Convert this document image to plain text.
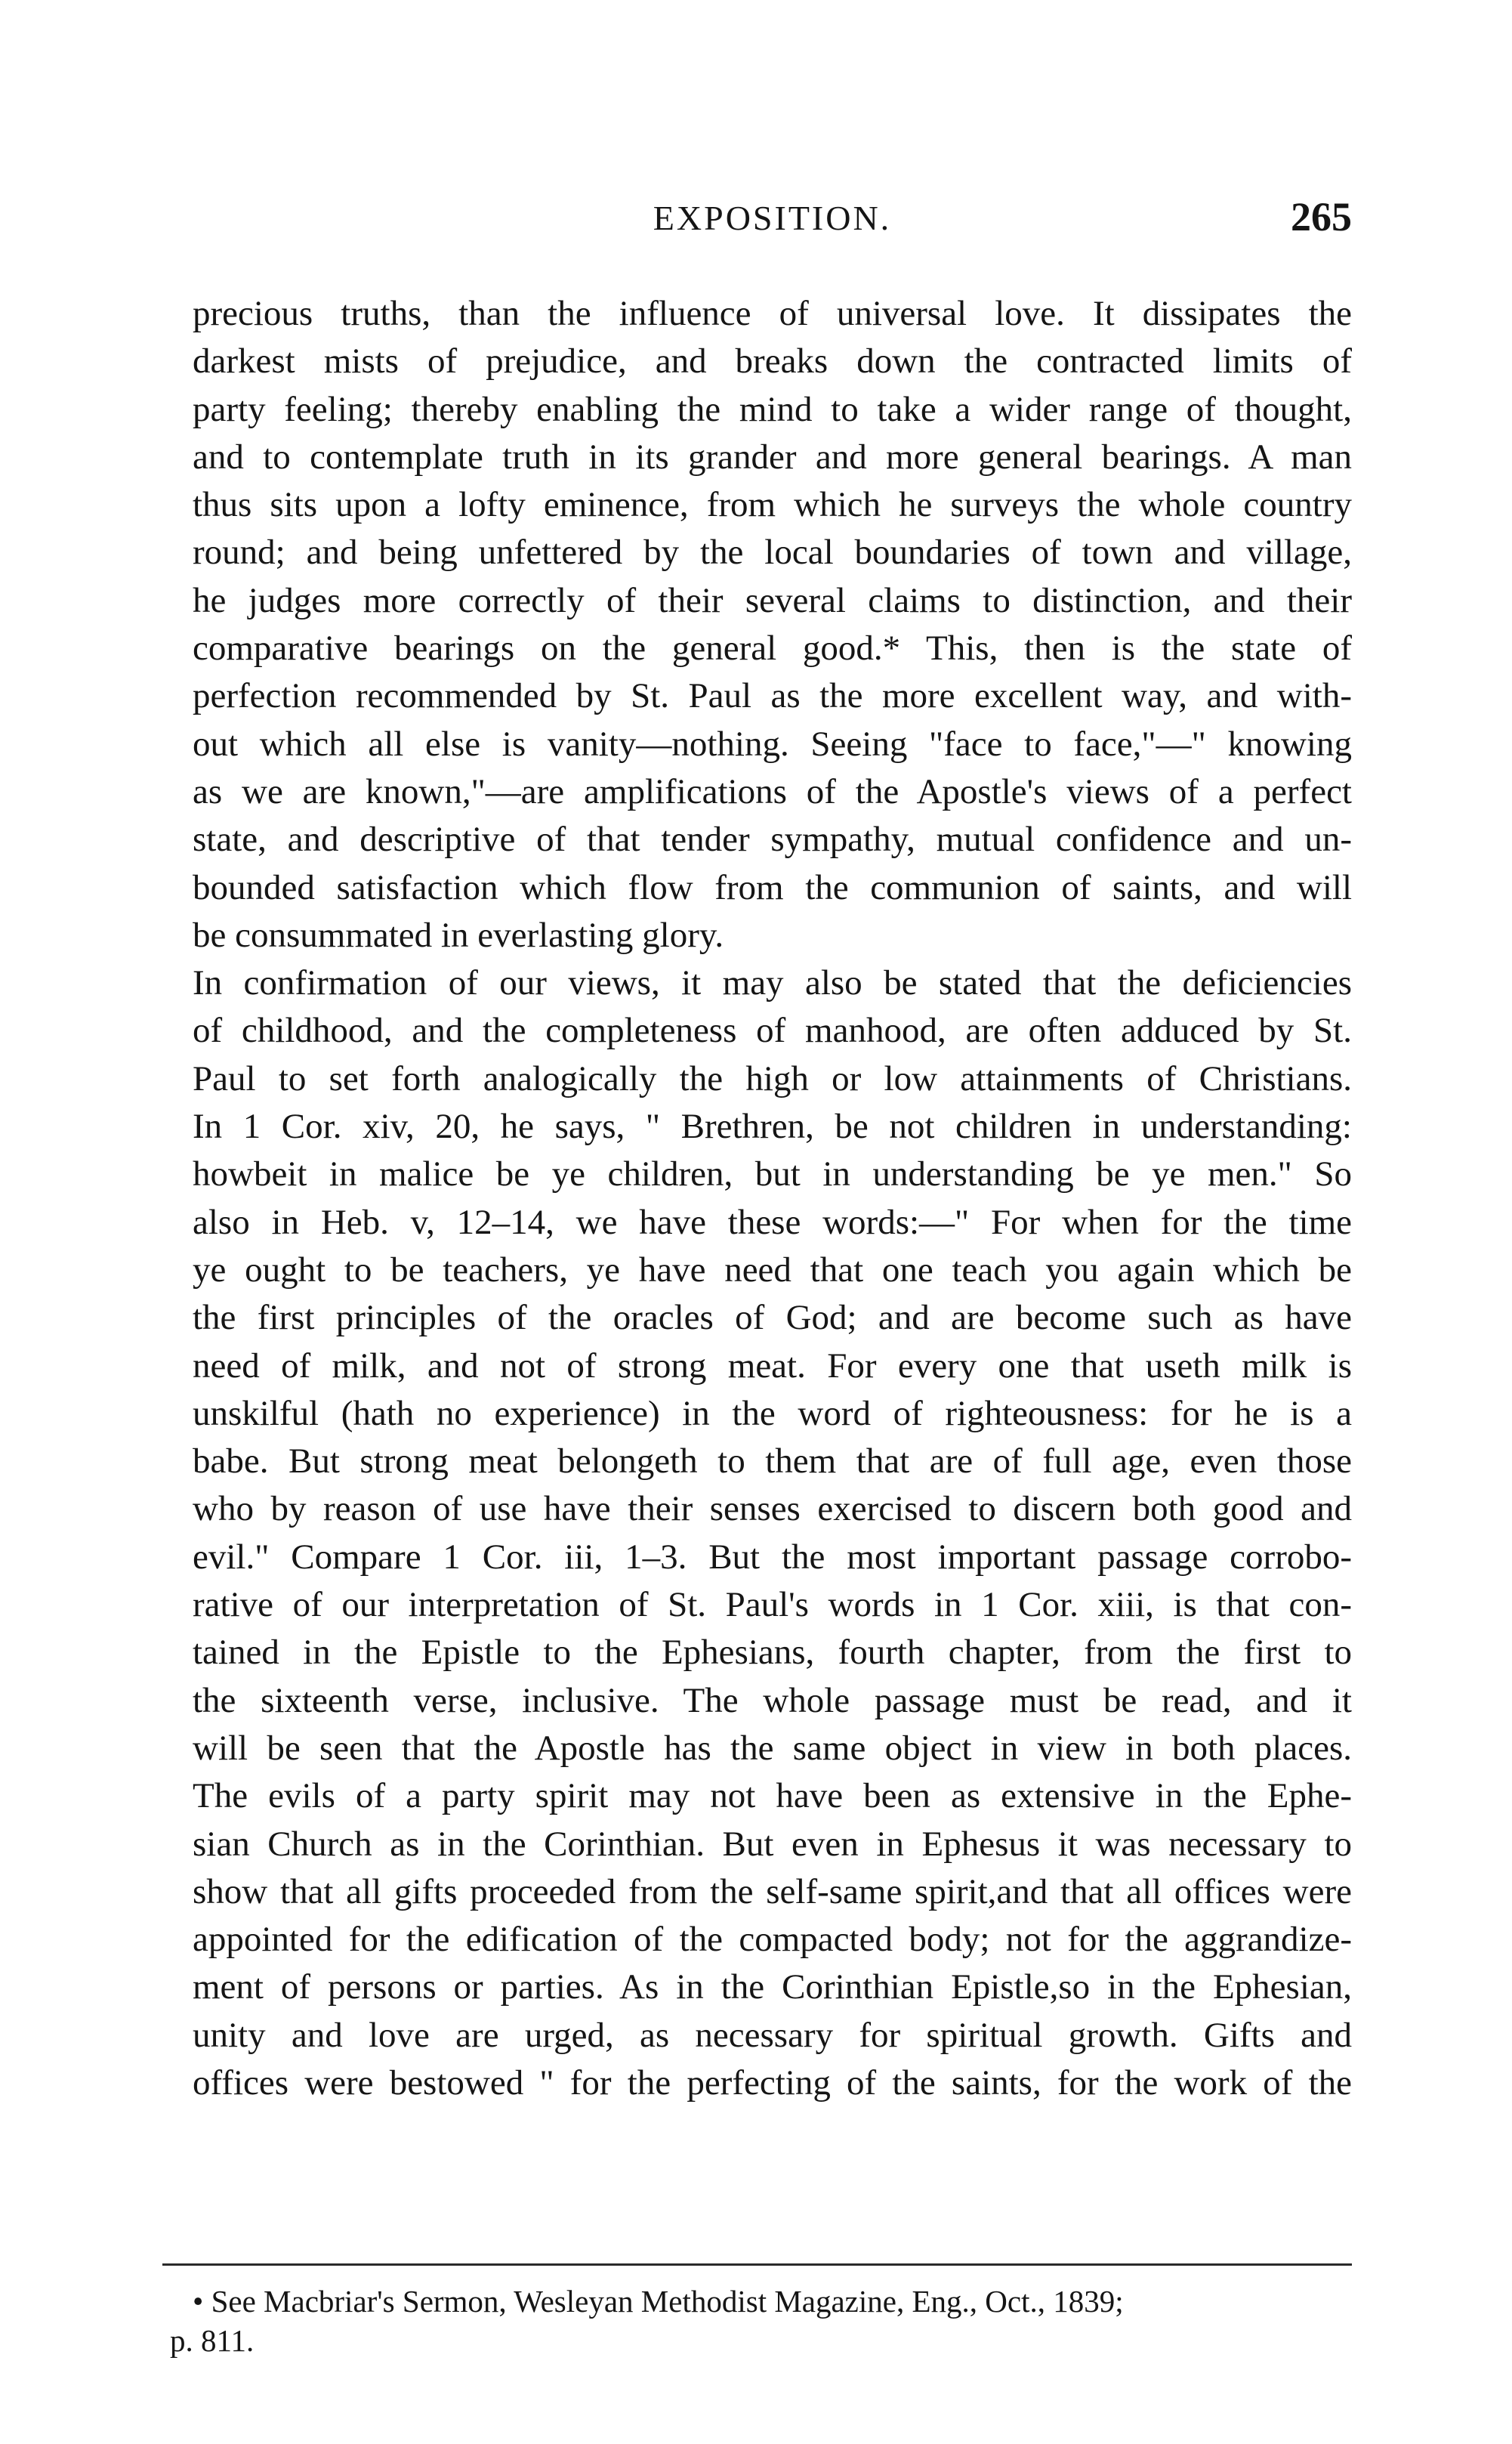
EXPOSITION.	265
precious truths, than the influence of universal love. It dissipates the
darkest mists of prejudice, and breaks down the contracted limits of
party feeling; thereby enabling the mind to take a wider range of thought,
and to contemplate truth in its grander and more general bearings. A man
thus sits upon a lofty eminence, from which he surveys the whole country
round; and being unfettered by the local boundaries of town and village,
he judges more correctly of their several claims to distinction, and their
comparative bearings on the general good.* This, then is the state of
perfection recommended by St. Paul as the more excellent way, and with-
out which all else is vanity—nothing. Seeing "face to face,"—" knowing
as we are known,"—are amplifications of the Apostle's views of a perfect
state, and descriptive of that tender sympathy, mutual confidence and un-
bounded satisfaction which flow from the communion of saints, and will
be consummated in everlasting glory.
In confirmation of our views, it may also be stated that the deficiencies
of childhood, and the completeness of manhood, are often adduced by St.
Paul to set forth analogically the high or low attainments of Christians.
In 1 Cor. xiv, 20, he says, " Brethren, be not children in understanding:
howbeit in malice be ye children, but in understanding be ye men." So
also in Heb. v, 12–14, we have these words:—" For when for the time
ye ought to be teachers, ye have need that one teach you again which be
the first principles of the oracles of God; and are become such as have
need of milk, and not of strong meat. For every one that useth milk is
unskilful (hath no experience) in the word of righteousness: for he is a
babe. But strong meat belongeth to them that are of full age, even those
who by reason of use have their senses exercised to discern both good and
evil." Compare 1 Cor. iii, 1–3. But the most important passage corrobo-
rative of our interpretation of St. Paul's words in 1 Cor. xiii, is that con-
tained in the Epistle to the Ephesians, fourth chapter, from the first to
the sixteenth verse, inclusive. The whole passage must be read, and it
will be seen that the Apostle has the same object in view in both places.
The evils of a party spirit may not have been as extensive in the Ephe-
sian Church as in the Corinthian. But even in Ephesus it was necessary to
show that all gifts proceeded from the self-same spirit,and that all offices were
appointed for the edification of the compacted body; not for the aggrandize-
ment of persons or parties. As in the Corinthian Epistle,so in the Ephesian,
unity and love are urged, as necessary for spiritual growth. Gifts and
offices were bestowed " for the perfecting of the saints, for the work of the
• See Macbriar's Sermon, Wesleyan Methodist Magazine, Eng., Oct., 1839;
p. 811.
